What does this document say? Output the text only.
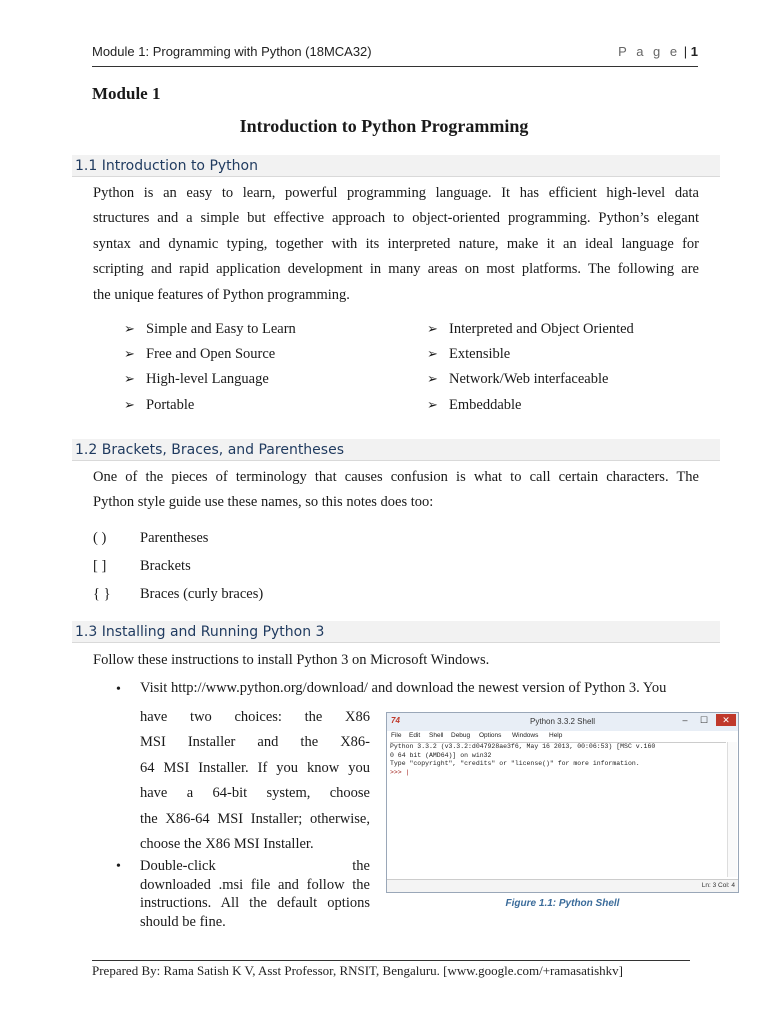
Module 1: Programming with Python (18MCA32)	P a g e | 1
Module 1
Introduction to Python Programming
1.1 Introduction to Python
Python is an easy to learn, powerful programming language. It has efficient high-level data
structures and a simple but effective approach to object-oriented programming. Python’s elegant
syntax and dynamic typing, together with its interpreted nature, make it an ideal language for
scripting and rapid application development in many areas on most platforms. The following are
the unique features of Python programming.
➢ Simple and Easy to Learn
➢ Free and Open Source
➢ High-level Language
➢ Portable
➢ Interpreted and Object Oriented
➢ Extensible
➢ Network/Web interfaceable
➢ Embeddable
1.2 Brackets, Braces, and Parentheses
One of the pieces of terminology that causes confusion is what to call certain characters. The
Python style guide use these names, so this notes does too:
( ) Parentheses
[ ] Brackets
{ } Braces (curly braces)
1.3 Installing and Running Python 3
Follow these instructions to install Python 3 on Microsoft Windows.
• Visit http://www.python.org/download/ and download the newest version of Python 3. You
have two choices: the X86
MSI Installer and the X86-
64 MSI Installer. If you know you
have a 64-bit system, choose
the X86-64 MSI Installer; otherwise,
choose the X86 MSI Installer.
• Double-click the
downloaded .msi file and follow the
instructions. All the default options
should be fine.
74	Python 3.3.2 Shell	–	☐	✕
File Edit Shell Debug Options Windows Help
Python 3.3.2 (v3.3.2:d047928ae3f6, May 16 2013, 00:06:53) [MSC v.160
0 64 bit (AMD64)] on win32
Type "copyright", "credits" or "license()" for more information.
>>> |
Ln: 3 Col: 4
Figure 1.1: Python Shell
Prepared By: Rama Satish K V, Asst Professor, RNSIT, Bengaluru. [www.google.com/+ramasatishkv]
